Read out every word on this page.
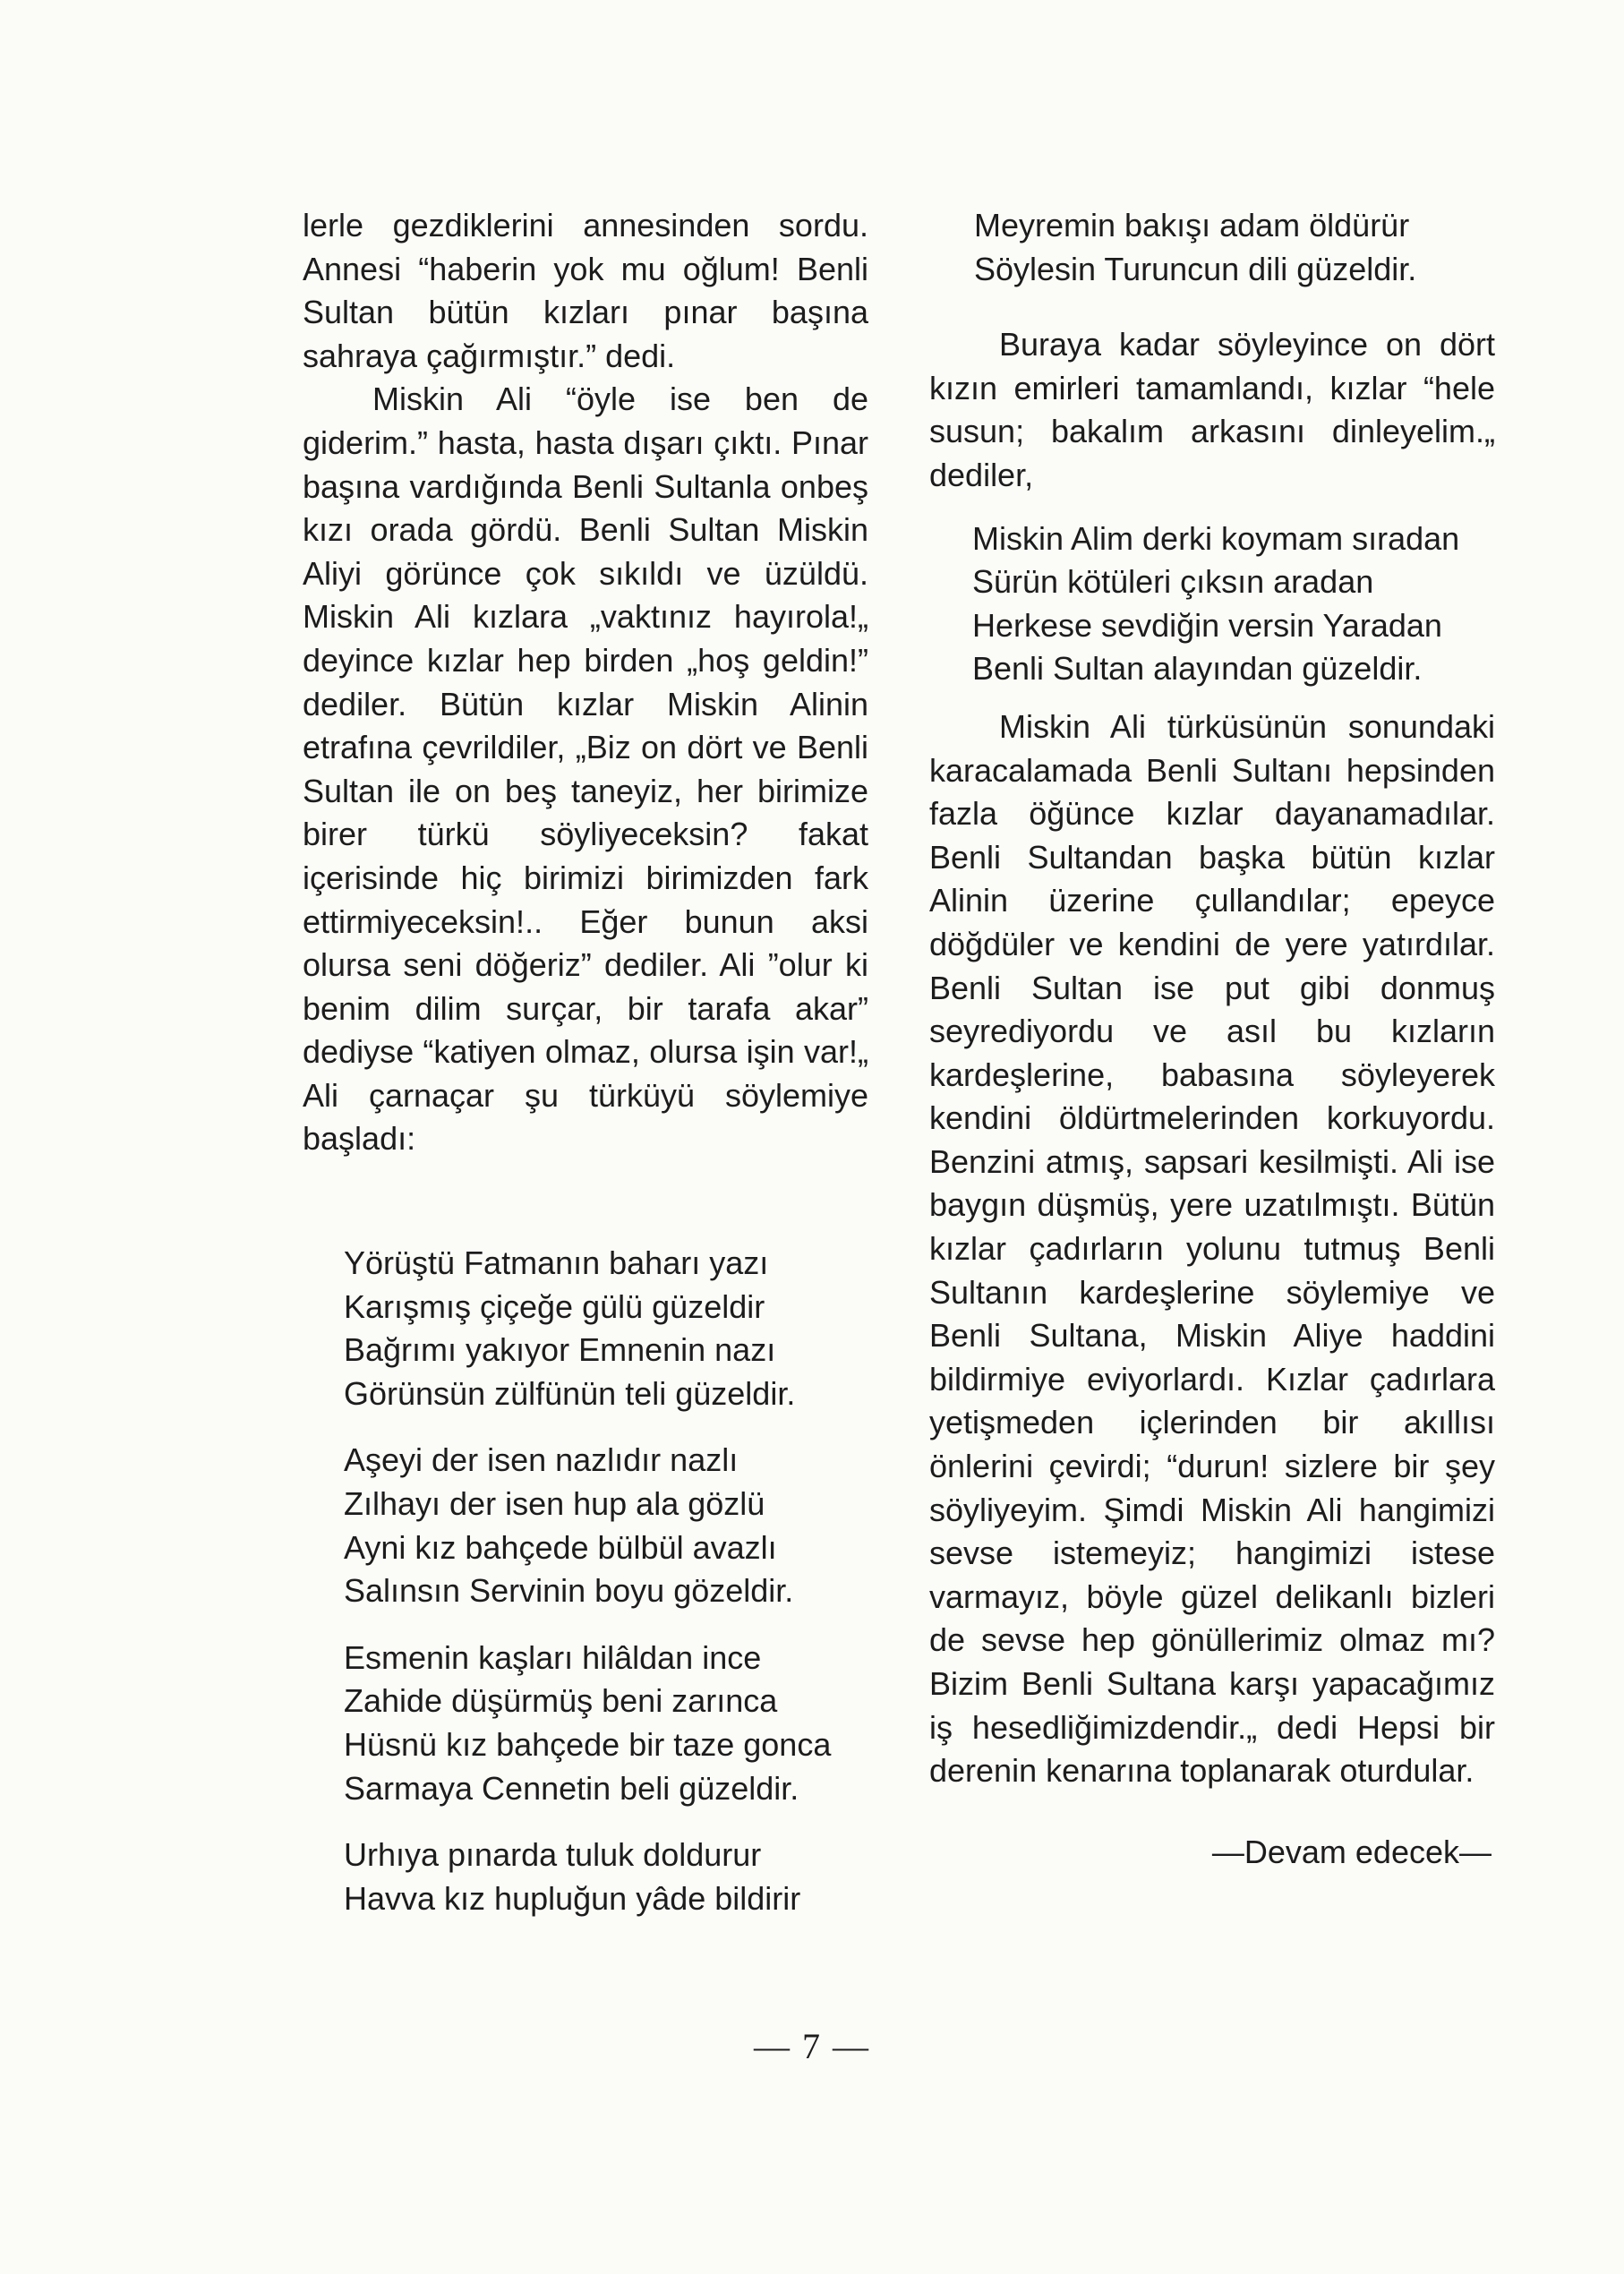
lerle gezdiklerini annesinden sordu. Annesi “haberin yok mu oğlum! Benli Sultan bütün kızları pınar başına sahraya çağırmıştır.” dedi.

Miskin Ali “öyle ise ben de giderim.” hasta, hasta dışarı çıktı. Pınar başına vardığında Benli Sultanla onbeş kızı orada gördü. Benli Sultan Miskin Aliyi görünce çok sıkıldı ve üzüldü. Miskin Ali kızlara „vaktınız hayırola!„ deyince kızlar hep birden „hoş geldin!” dediler. Bütün kızlar Miskin Alinin etrafına çevrildiler, „Biz on dört ve Benli Sultan ile on beş taneyiz, her birimize birer türkü söyliyeceksin? fakat içerisinde hiç birimizi birimizden fark ettirmiyeceksin!.. Eğer bunun aksi olursa seni döğeriz” dediler. Ali ”olur ki benim dilim surçar, bir tarafa akar” dediyse “katiyen olmaz, olursa işin var!„ Ali çarnaçar şu türküyü söylemiye başladı:

Yörüştü Fatmanın baharı yazı
Karışmış çiçeğe gülü güzeldir
Bağrımı yakıyor Emnenin nazı
Görünsün zülfünün teli güzeldir.
Aşeyi der isen nazlıdır nazlı
Zılhayı der isen hup ala gözlü
Ayni kız bahçede bülbül avazlı
Salınsın Servinin boyu gözeldir.
Esmenin kaşları hilâldan ince
Zahide düşürmüş beni zarınca
Hüsnü kız bahçede bir taze gonca
Sarmaya Cennetin beli güzeldir.
Urhıya pınarda tuluk doldurur
Havva kız hupluğun yâde bildirir
Meyremin bakışı adam öldürür
Söylesin Turuncun dili güzeldir.

Buraya kadar söyleyince on dört kızın emirleri tamamlandı, kızlar “hele susun; bakalım arkasını dinleyelim.„ dediler,

Miskin Alim derki koymam sıradan
Sürün kötüleri çıksın aradan
Herkese sevdiğin versin Yaradan
Benli Sultan alayından güzeldir.

Miskin Ali türküsünün sonundaki karacalamada Benli Sultanı hepsinden fazla öğünce kızlar dayanamadılar. Benli Sultandan başka bütün kızlar Alinin üzerine çullandılar; epeyce döğdüler ve kendini de yere yatırdılar. Benli Sultan ise put gibi donmuş seyrediyordu ve asıl bu kızların kardeşlerine, babasına söyleyerek kendini öldürtmelerinden korkuyordu. Benzini atmış, sapsari kesilmişti. Ali ise baygın düşmüş, yere uzatılmıştı. Bütün kızlar çadırların yolunu tutmuş Benli Sultanın kardeşlerine söylemiye ve Benli Sultana, Miskin Aliye haddini bildirmiye eviyorlardı. Kızlar çadırlara yetişmeden içlerinden bir akıllısı önlerini çevirdi; “durun! sizlere bir şey söyliyeyim. Şimdi Miskin Ali hangimizi sevse istemeyiz; hangimizi istese varmayız, böyle güzel delikanlı bizleri de sevse hep gönüllerimiz olmaz mı? Bizim Benli Sultana karşı yapacağımız iş hesedliğimizdendir.„ dedi Hepsi bir derenin kenarına toplanarak oturdular.

—Devam edecek—
— 7 —
